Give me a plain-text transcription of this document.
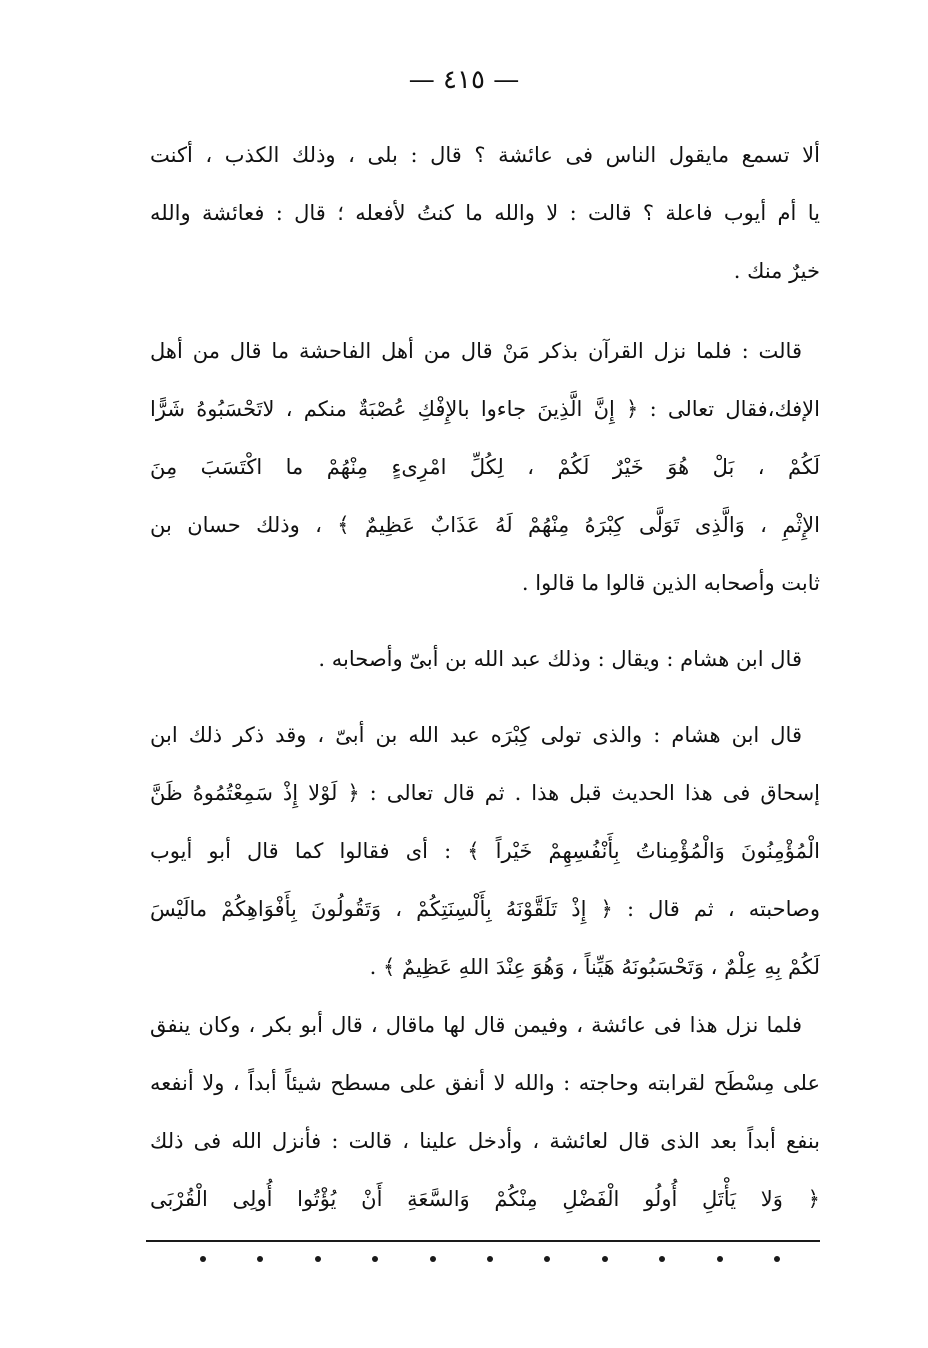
— ٤١٥ —
ألا تسمع مايقول الناس فى عائشة ؟ قال : بلى ، وذلك الكذب ، أكنت
يا أم أيوب فاعلة ؟ قالت : لا والله ما كنتُ لأفعله ؛ قال : فعائشة والله
خيرٌ منك .
قالت : فلما نزل القرآن بذكر مَنْ قال من أهل الفاحشة ما قال من أهل
الإفك،فقال تعالى : ﴿ إِنَّ الَّذِينَ جاءوا بالإِفْكِ عُصْبَةٌ منكم ، لاتَحْسَبُوهُ شَرًّا
لَكُمْ ، بَلْ هُوَ خَيْرٌ لَكُمْ ، لِكُلِّ امْرِىءٍ مِنْهُمْ ما اكْتَسَبَ مِنَ
الإِثْمِ ، وَالَّذِى تَوَلَّى كِبْرَهُ مِنْهُمْ لَهُ عَذَابٌ عَظِيمٌ ﴾ ، وذلك حسان بن
ثابت وأصحابه الذين قالوا ما قالوا .
قال ابن هشام : ويقال : وذلك عبد الله بن أبىّ وأصحابه .
قال ابن هشام : والذى تولى كِبْرَه عبد الله بن أبىّ ، وقد ذكر ذلك ابن
إسحاق فى هذا الحديث قبل هذا . ثم قال تعالى : ﴿ لَوْلا إِذْ سَمِعْتُمُوهُ ظَنَّ
الْمُؤْمِنُونَ وَالْمُؤْمِناتُ بِأَنْفُسِهِمْ خَيْراً ﴾ : أى فقالوا كما قال أبو أيوب
وصاحبته ، ثم قال : ﴿ إِذْ تَلَقَّوْنَهُ بِأَلْسِنَتِكُمْ ، وَتَقُولُونَ بِأَفْوَاهِكُمْ مالَيْسَ
لَكُمْ بِهِ عِلْمٌ ، وَتَحْسَبُونَهُ هَيِّناً ، وَهُوَ عِنْدَ اللهِ عَظِيمٌ ﴾ .
فلما نزل هذا فى عائشة ، وفيمن قال لها ماقال ، قال أبو بكر ، وكان ينفق
على مِسْطَح لقرابته وحاجته : والله لا أنفق على مسطح شيئاً أبداً ، ولا أنفعه
بنفع أبداً بعد الذى قال لعائشة ، وأدخل علينا ، قالت : فأنزل الله فى ذلك
﴿ وَلا يَأْتَلِ أُولُو الْفَضْلِ مِنْكُمْ وَالسَّعَةِ أَنْ يُؤْتُوا أُولِى الْقُرْبَى
